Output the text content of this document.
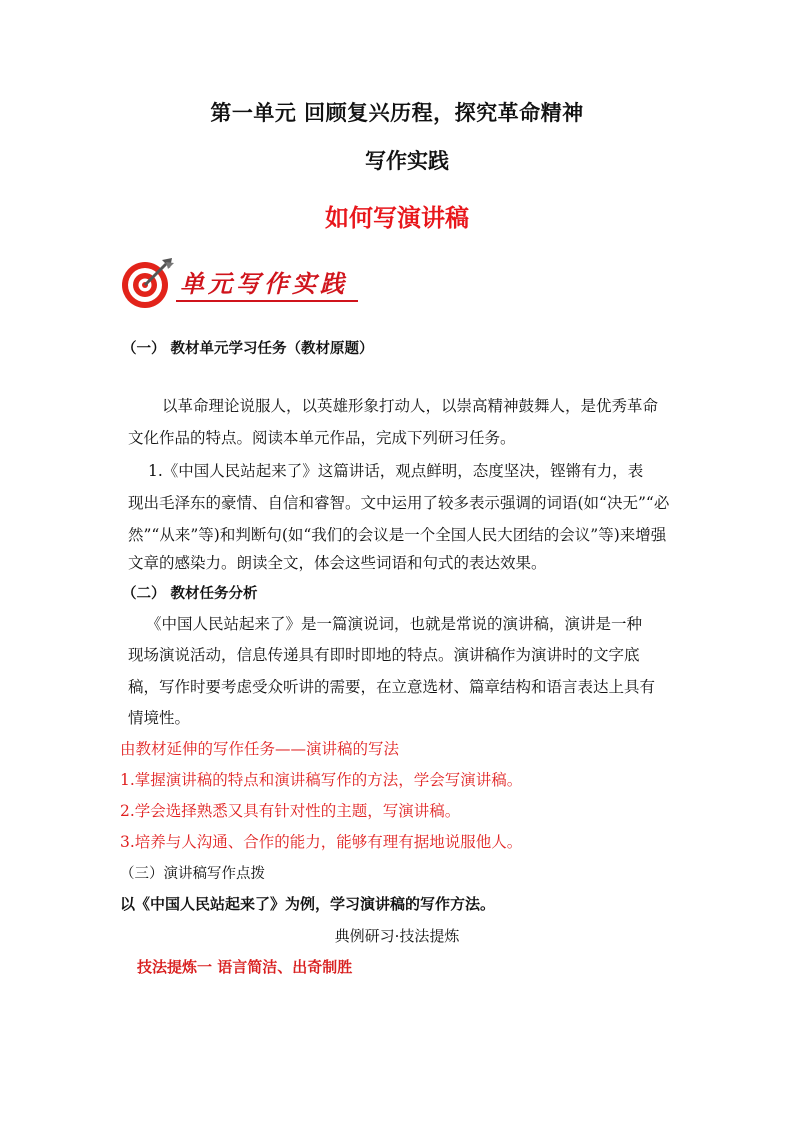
第一单元 回顾复兴历程，探究革命精神
写作实践
如何写演讲稿
单元写作实践
（一） 教材单元学习任务（教材原题）
以革命理论说服人，以英雄形象打动人，以崇高精神鼓舞人，是优秀革命
文化作品的特点。阅读本单元作品，完成下列研习任务。
1.《中国人民站起来了》这篇讲话，观点鲜明，态度坚决，铿锵有力，表
现出毛泽东的豪情、自信和睿智。文中运用了较多表示强调的词语(如“决无”“必
然”“从来”等)和判断句(如“我们的会议是一个全国人民大团结的会议”等)来增强
文章的感染力。朗读全文，体会这些词语和句式的表达效果。
（二） 教材任务分析
《中国人民站起来了》是一篇演说词，也就是常说的演讲稿，演讲是一种
现场演说活动，信息传递具有即时即地的特点。演讲稿作为演讲时的文字底
稿，写作时要考虑受众听讲的需要，在立意选材、篇章结构和语言表达上具有
情境性。
由教材延伸的写作任务——演讲稿的写法
1.掌握演讲稿的特点和演讲稿写作的方法，学会写演讲稿。
2.学会选择熟悉又具有针对性的主题，写演讲稿。
3.培养与人沟通、合作的能力，能够有理有据地说服他人。
（三）演讲稿写作点拨
以《中国人民站起来了》为例，学习演讲稿的写作方法。
典例研习·技法提炼
技法提炼一 语言简洁、出奇制胜
